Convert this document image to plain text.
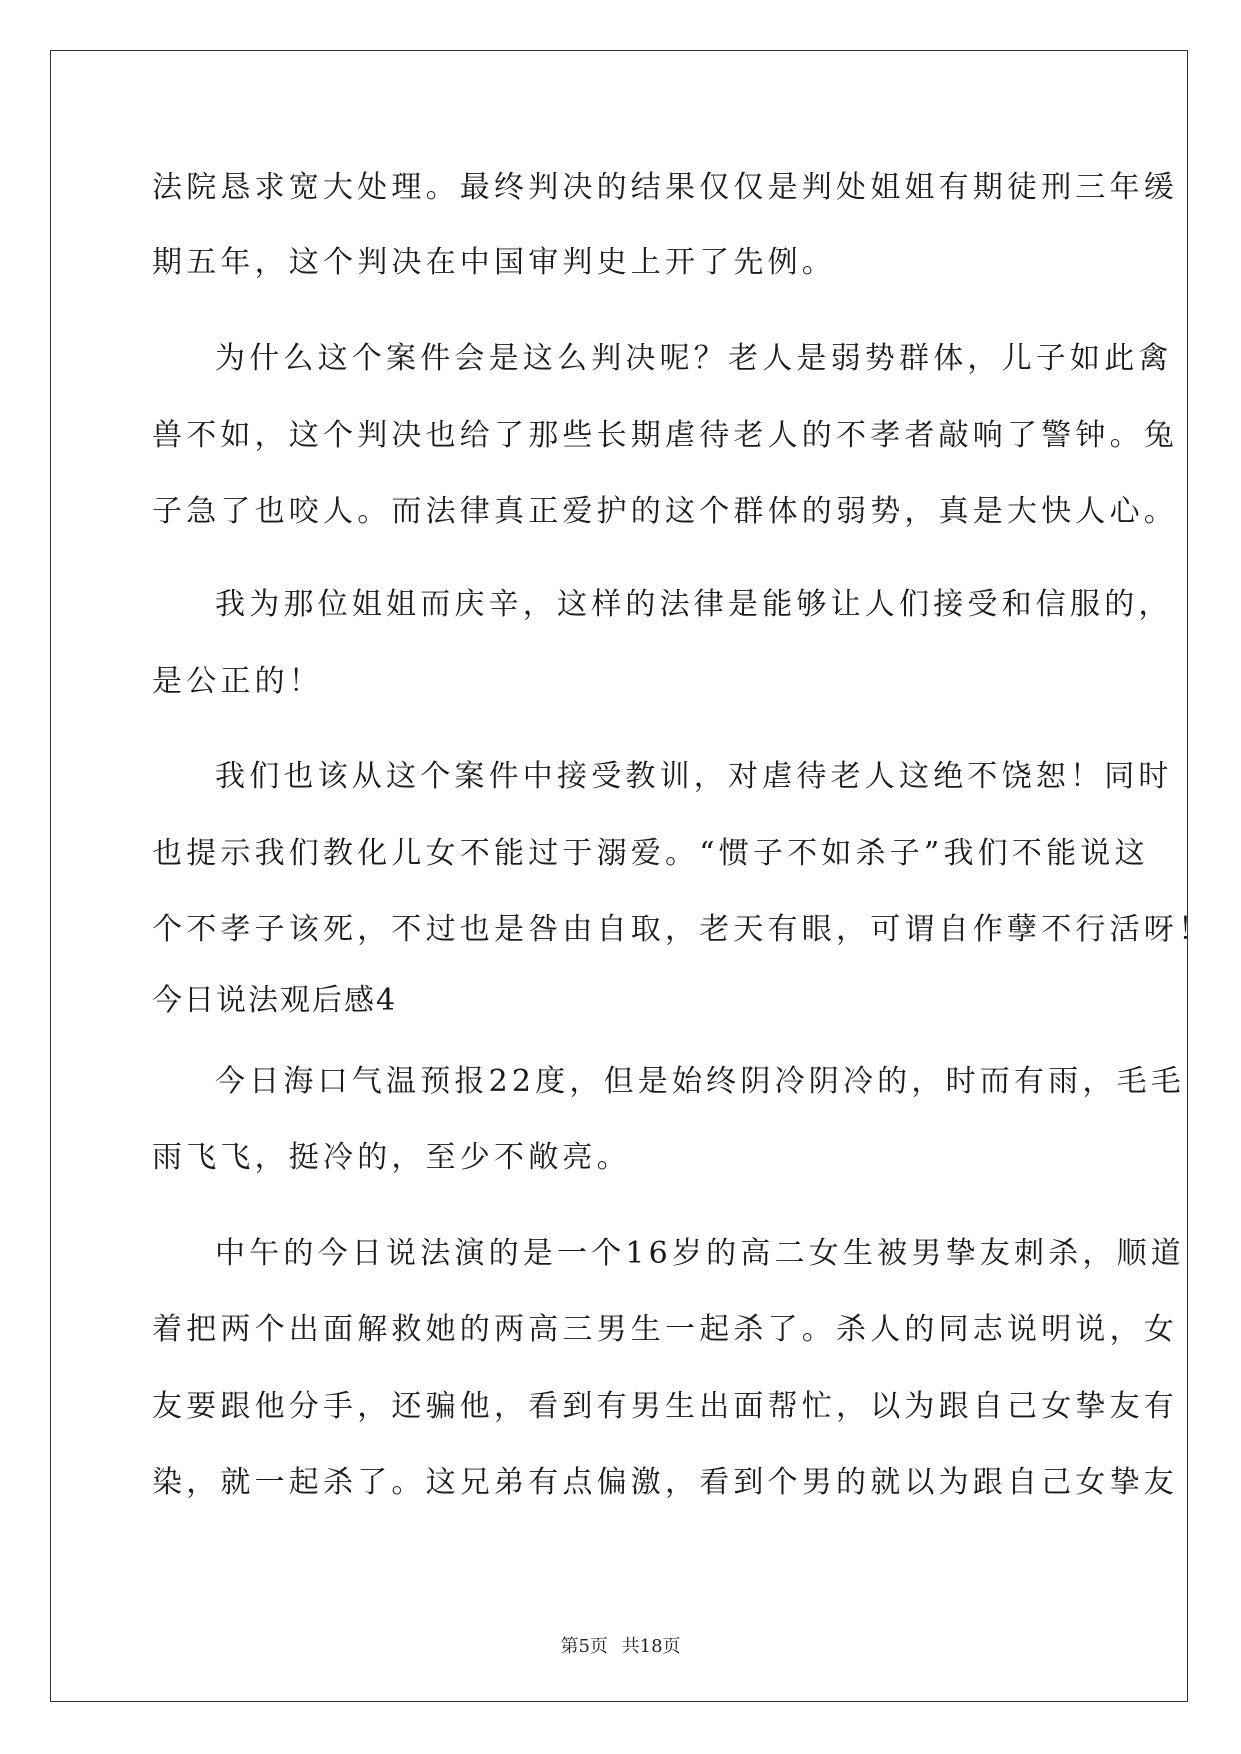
法院恳求宽大处理。最终判决的结果仅仅是判处姐姐有期徒刑三年缓
期五年，这个判决在中国审判史上开了先例。
为什么这个案件会是这么判决呢？老人是弱势群体，儿子如此禽
兽不如，这个判决也给了那些长期虐待老人的不孝者敲响了警钟。兔
子急了也咬人。而法律真正爱护的这个群体的弱势，真是大快人心。
我为那位姐姐而庆辛，这样的法律是能够让人们接受和信服的，
是公正的！
我们也该从这个案件中接受教训，对虐待老人这绝不饶恕！同时
也提示我们教化儿女不能过于溺爱。“惯子不如杀子”我们不能说这
个不孝子该死，不过也是咎由自取，老天有眼，可谓自作孽不行活呀！
今日说法观后感4
今日海口气温预报22度，但是始终阴冷阴冷的，时而有雨，毛毛
雨飞飞，挺冷的，至少不敞亮。
中午的今日说法演的是一个16岁的高二女生被男挚友刺杀，顺道
着把两个出面解救她的两高三男生一起杀了。杀人的同志说明说，女
友要跟他分手，还骗他，看到有男生出面帮忙，以为跟自己女挚友有
染，就一起杀了。这兄弟有点偏激，看到个男的就以为跟自己女挚友
第5页 共18页
